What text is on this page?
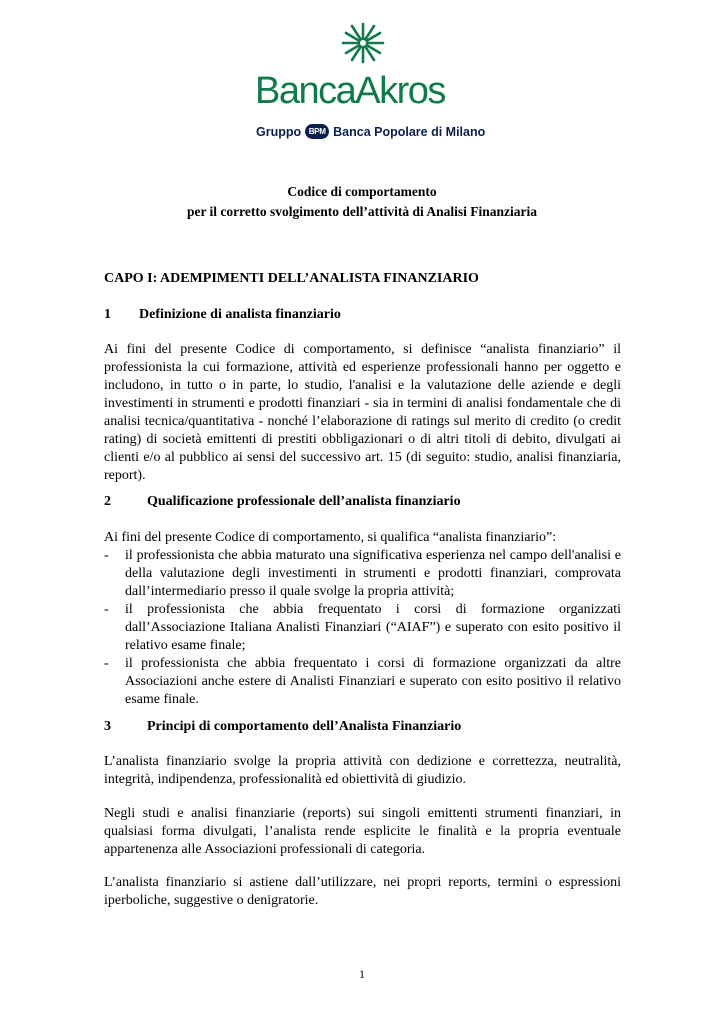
BancaAkros
Gruppo BPM Banca Popolare di Milano
Codice di comportamento
per il corretto svolgimento dell’attività di Analisi Finanziaria
CAPO I: ADEMPIMENTI DELL’ANALISTA FINANZIARIO
1 Definizione di analista finanziario

Ai fini del presente Codice di comportamento, si definisce “analista finanziario” il professionista la cui formazione, attività ed esperienze professionali hanno per oggetto e includono, in tutto o in parte, lo studio, l'analisi e la valutazione delle aziende e degli investimenti in strumenti e prodotti finanziari - sia in termini di analisi fondamentale che di analisi tecnica/quantitativa - nonché l’elaborazione di ratings sul merito di credito (o credit rating) di società emittenti di prestiti obbligazionari o di altri titoli di debito, divulgati ai clienti e/o al pubblico ai sensi del successivo art. 15 (di seguito: studio, analisi finanziaria, report).

2	Qualificazione professionale dell’analista finanziario

Ai fini del presente Codice di comportamento, si qualifica “analista finanziario”:

- il professionista che abbia maturato una significativa esperienza nel campo dell'analisi e della valutazione degli investimenti in strumenti e prodotti finanziari, comprovata dall’intermediario presso il quale svolge la propria attività;
- il professionista che abbia frequentato i corsi di formazione organizzati dall’Associazione Italiana Analisti Finanziari (“AIAF”) e superato con esito positivo il relativo esame finale;
- il professionista che abbia frequentato i corsi di formazione organizzati da altre Associazioni anche estere di Analisti Finanziari e superato con esito positivo il relativo esame finale.
3	Principi di comportamento dell’Analista Finanziario

L’analista finanziario svolge la propria attività con dedizione e correttezza, neutralità, integrità, indipendenza, professionalità ed obiettività di giudizio.

Negli studi e analisi finanziarie (reports) sui singoli emittenti strumenti finanziari, in qualsiasi forma divulgati, l’analista rende esplicite le finalità e la propria eventuale appartenenza alle Associazioni professionali di categoria.

L’analista finanziario si astiene dall’utilizzare, nei propri reports, termini o espressioni iperboliche, suggestive o denigratorie.

1
